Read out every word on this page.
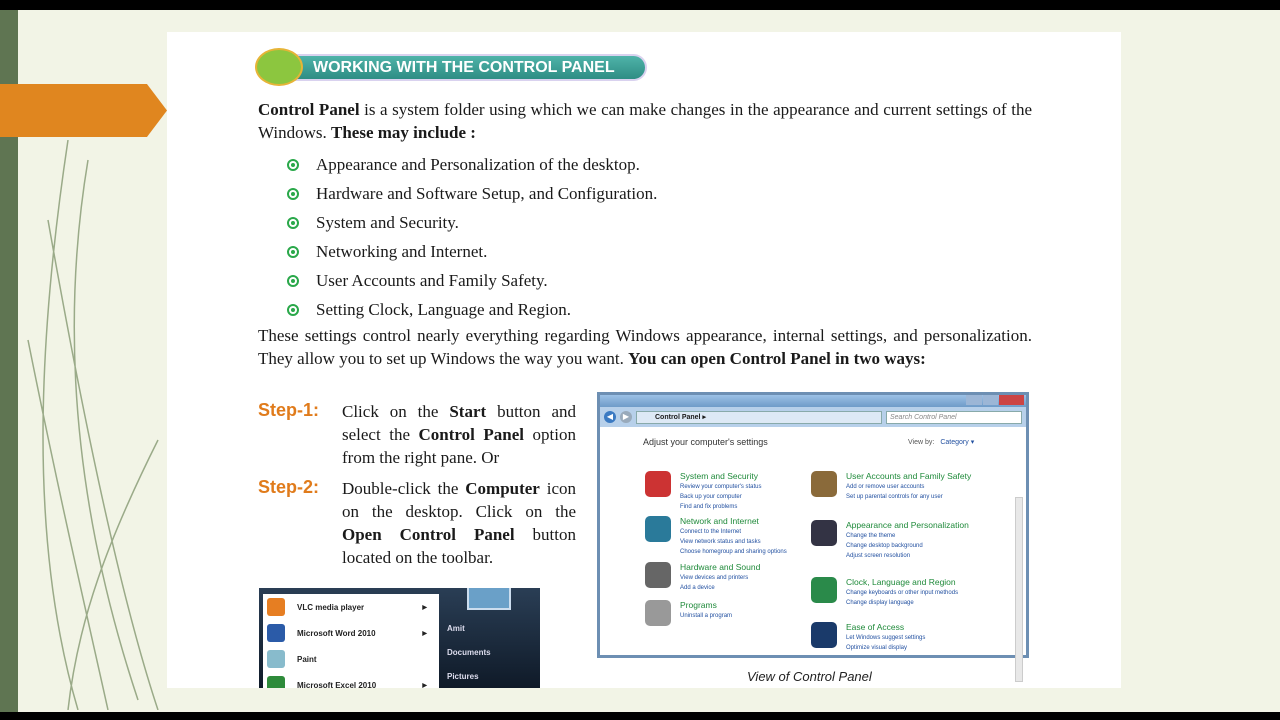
WORKING WITH THE CONTROL PANEL
Control Panel is a system folder using which we can make changes in the appearance and current settings of the Windows. These may include :
Appearance and Personalization of the desktop.
Hardware and Software Setup, and Configuration.
System and Security.
Networking and Internet.
User Accounts and Family Safety.
Setting Clock, Language and Region.
These settings control nearly everything regarding Windows appearance, internal settings, and personalization. They allow you to set up Windows the way you want. You can open Control Panel in two ways:
Step-1: Click on the Start button and select the Control Panel option from the right pane. Or
Step-2: Double-click the Computer icon on the desktop. Click on the Open Control Panel button located on the toolbar.
◀	▶	Control Panel ▸	Search Control Panel
Adjust your computer's settings	View by: Category ▾
System and Security
Review your computer's status
Back up your computer
Find and fix problems
Network and Internet
Connect to the Internet
View network status and tasks
Choose homegroup and sharing options
Hardware and Sound
View devices and printers
Add a device
Programs
Uninstall a program
User Accounts and Family Safety
Add or remove user accounts
Set up parental controls for any user
Appearance and Personalization
Change the theme
Change desktop background
Adjust screen resolution
Clock, Language and Region
Change keyboards or other input methods
Change display language
Ease of Access
Let Windows suggest settings
Optimize visual display
View of Control Panel
VLC media player	▶
Microsoft Word 2010	▶
Paint
Microsoft Excel 2010	▶
Amit
Documents
Pictures
